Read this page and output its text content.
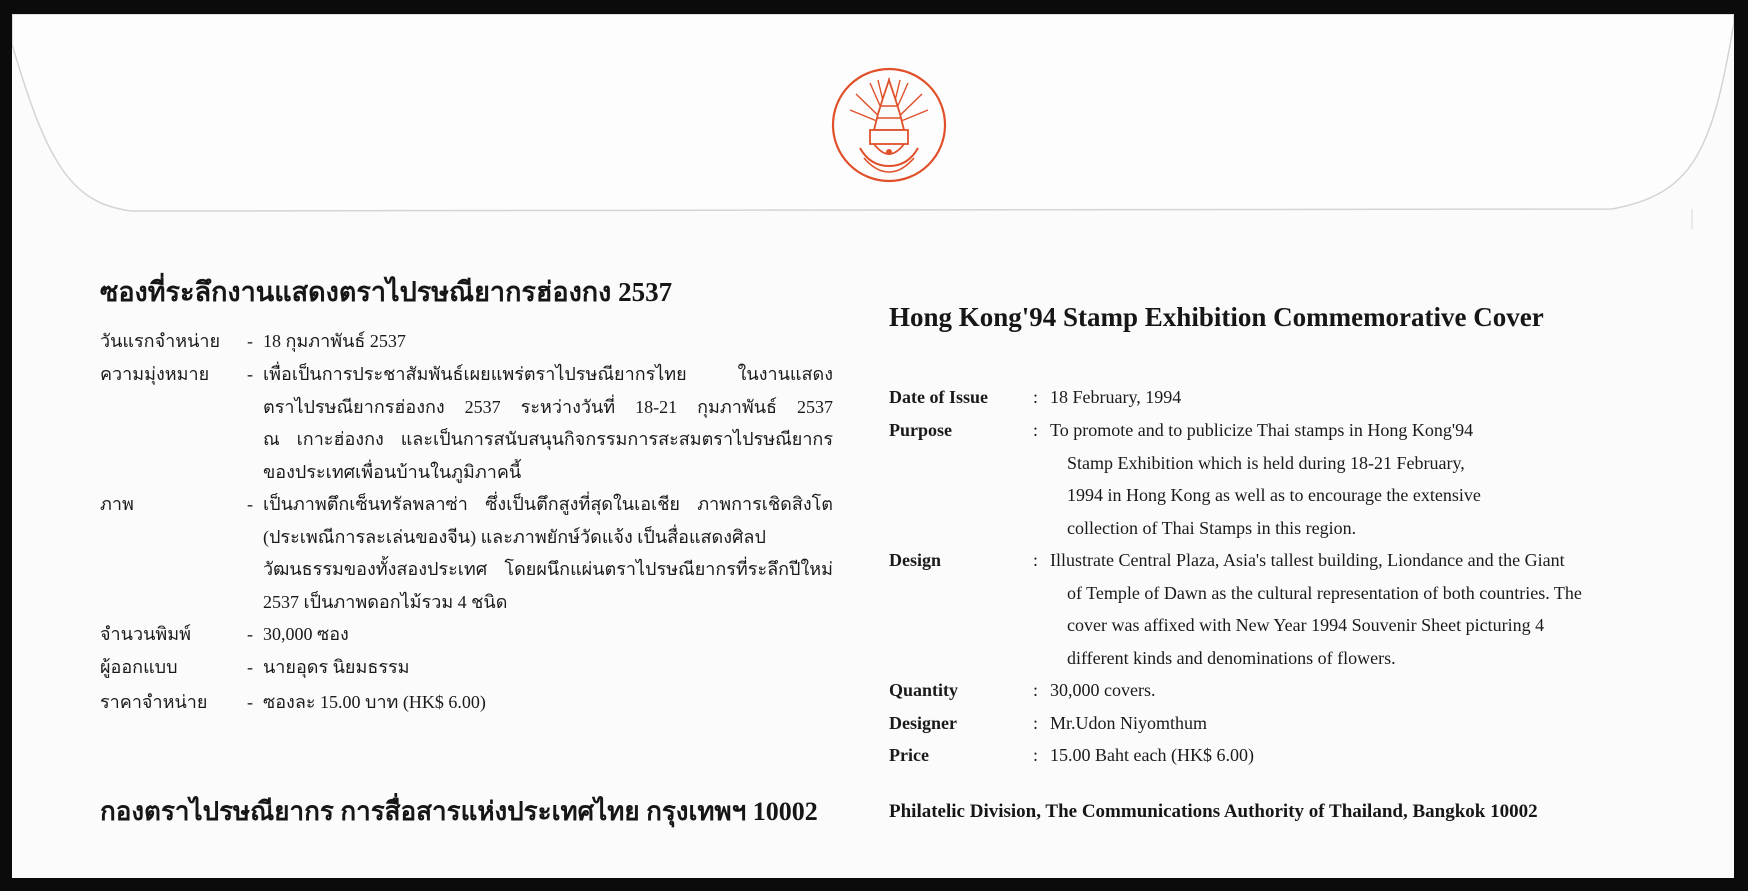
ซองที่ระลึกงานแสดงตราไปรษณียากรฮ่องกง 2537
วันแรกจำหน่าย - 18 กุมภาพันธ์ 2537
ความมุ่งหมาย - เพื่อเป็นการประชาสัมพันธ์เผยแพร่ตราไปรษณียากรไทย ในงานแสดง
ตราไปรษณียากรฮ่องกง 2537 ระหว่างวันที่ 18-21 กุมภาพันธ์ 2537
ณ เกาะฮ่องกง และเป็นการสนับสนุนกิจกรรมการสะสมตราไปรษณียากร
ของประเทศเพื่อนบ้านในภูมิภาคนี้
ภาพ	- เป็นภาพตึกเซ็นทรัลพลาซ่า ซึ่งเป็นตึกสูงที่สุดในเอเชีย ภาพการเชิดสิงโต
(ประเพณีการละเล่นของจีน) และภาพยักษ์วัดแจ้ง เป็นสื่อแสดงศิลป
วัฒนธรรมของทั้งสองประเทศ โดยผนึกแผ่นตราไปรษณียากรที่ระลึกปีใหม่
2537 เป็นภาพดอกไม้รวม 4 ชนิด
จำนวนพิมพ์	- 30,000 ซอง
ผู้ออกแบบ	- นายอุดร นิยมธรรม
ราคาจำหน่าย - ซองละ 15.00 บาท (HK$ 6.00)
กองตราไปรษณียากร การสื่อสารแห่งประเทศไทย กรุงเทพฯ 10002
Hong Kong'94 Stamp Exhibition Commemorative Cover
Date of Issue	: 18 February, 1994
Purpose	: To promote and to publicize Thai stamps in Hong Kong'94
Stamp Exhibition which is held during 18-21 February,
1994 in Hong Kong as well as to encourage the extensive
collection of Thai Stamps in this region.
Design	: Illustrate Central Plaza, Asia's tallest building, Liondance and the Giant
of Temple of Dawn as the cultural representation of both countries. The
cover was affixed with New Year 1994 Souvenir Sheet picturing 4
different kinds and denominations of flowers.
Quantity	: 30,000 covers.
Designer	: Mr.Udon Niyomthum
Price	: 15.00 Baht each (HK$ 6.00)
Philatelic Division, The Communications Authority of Thailand, Bangkok 10002
